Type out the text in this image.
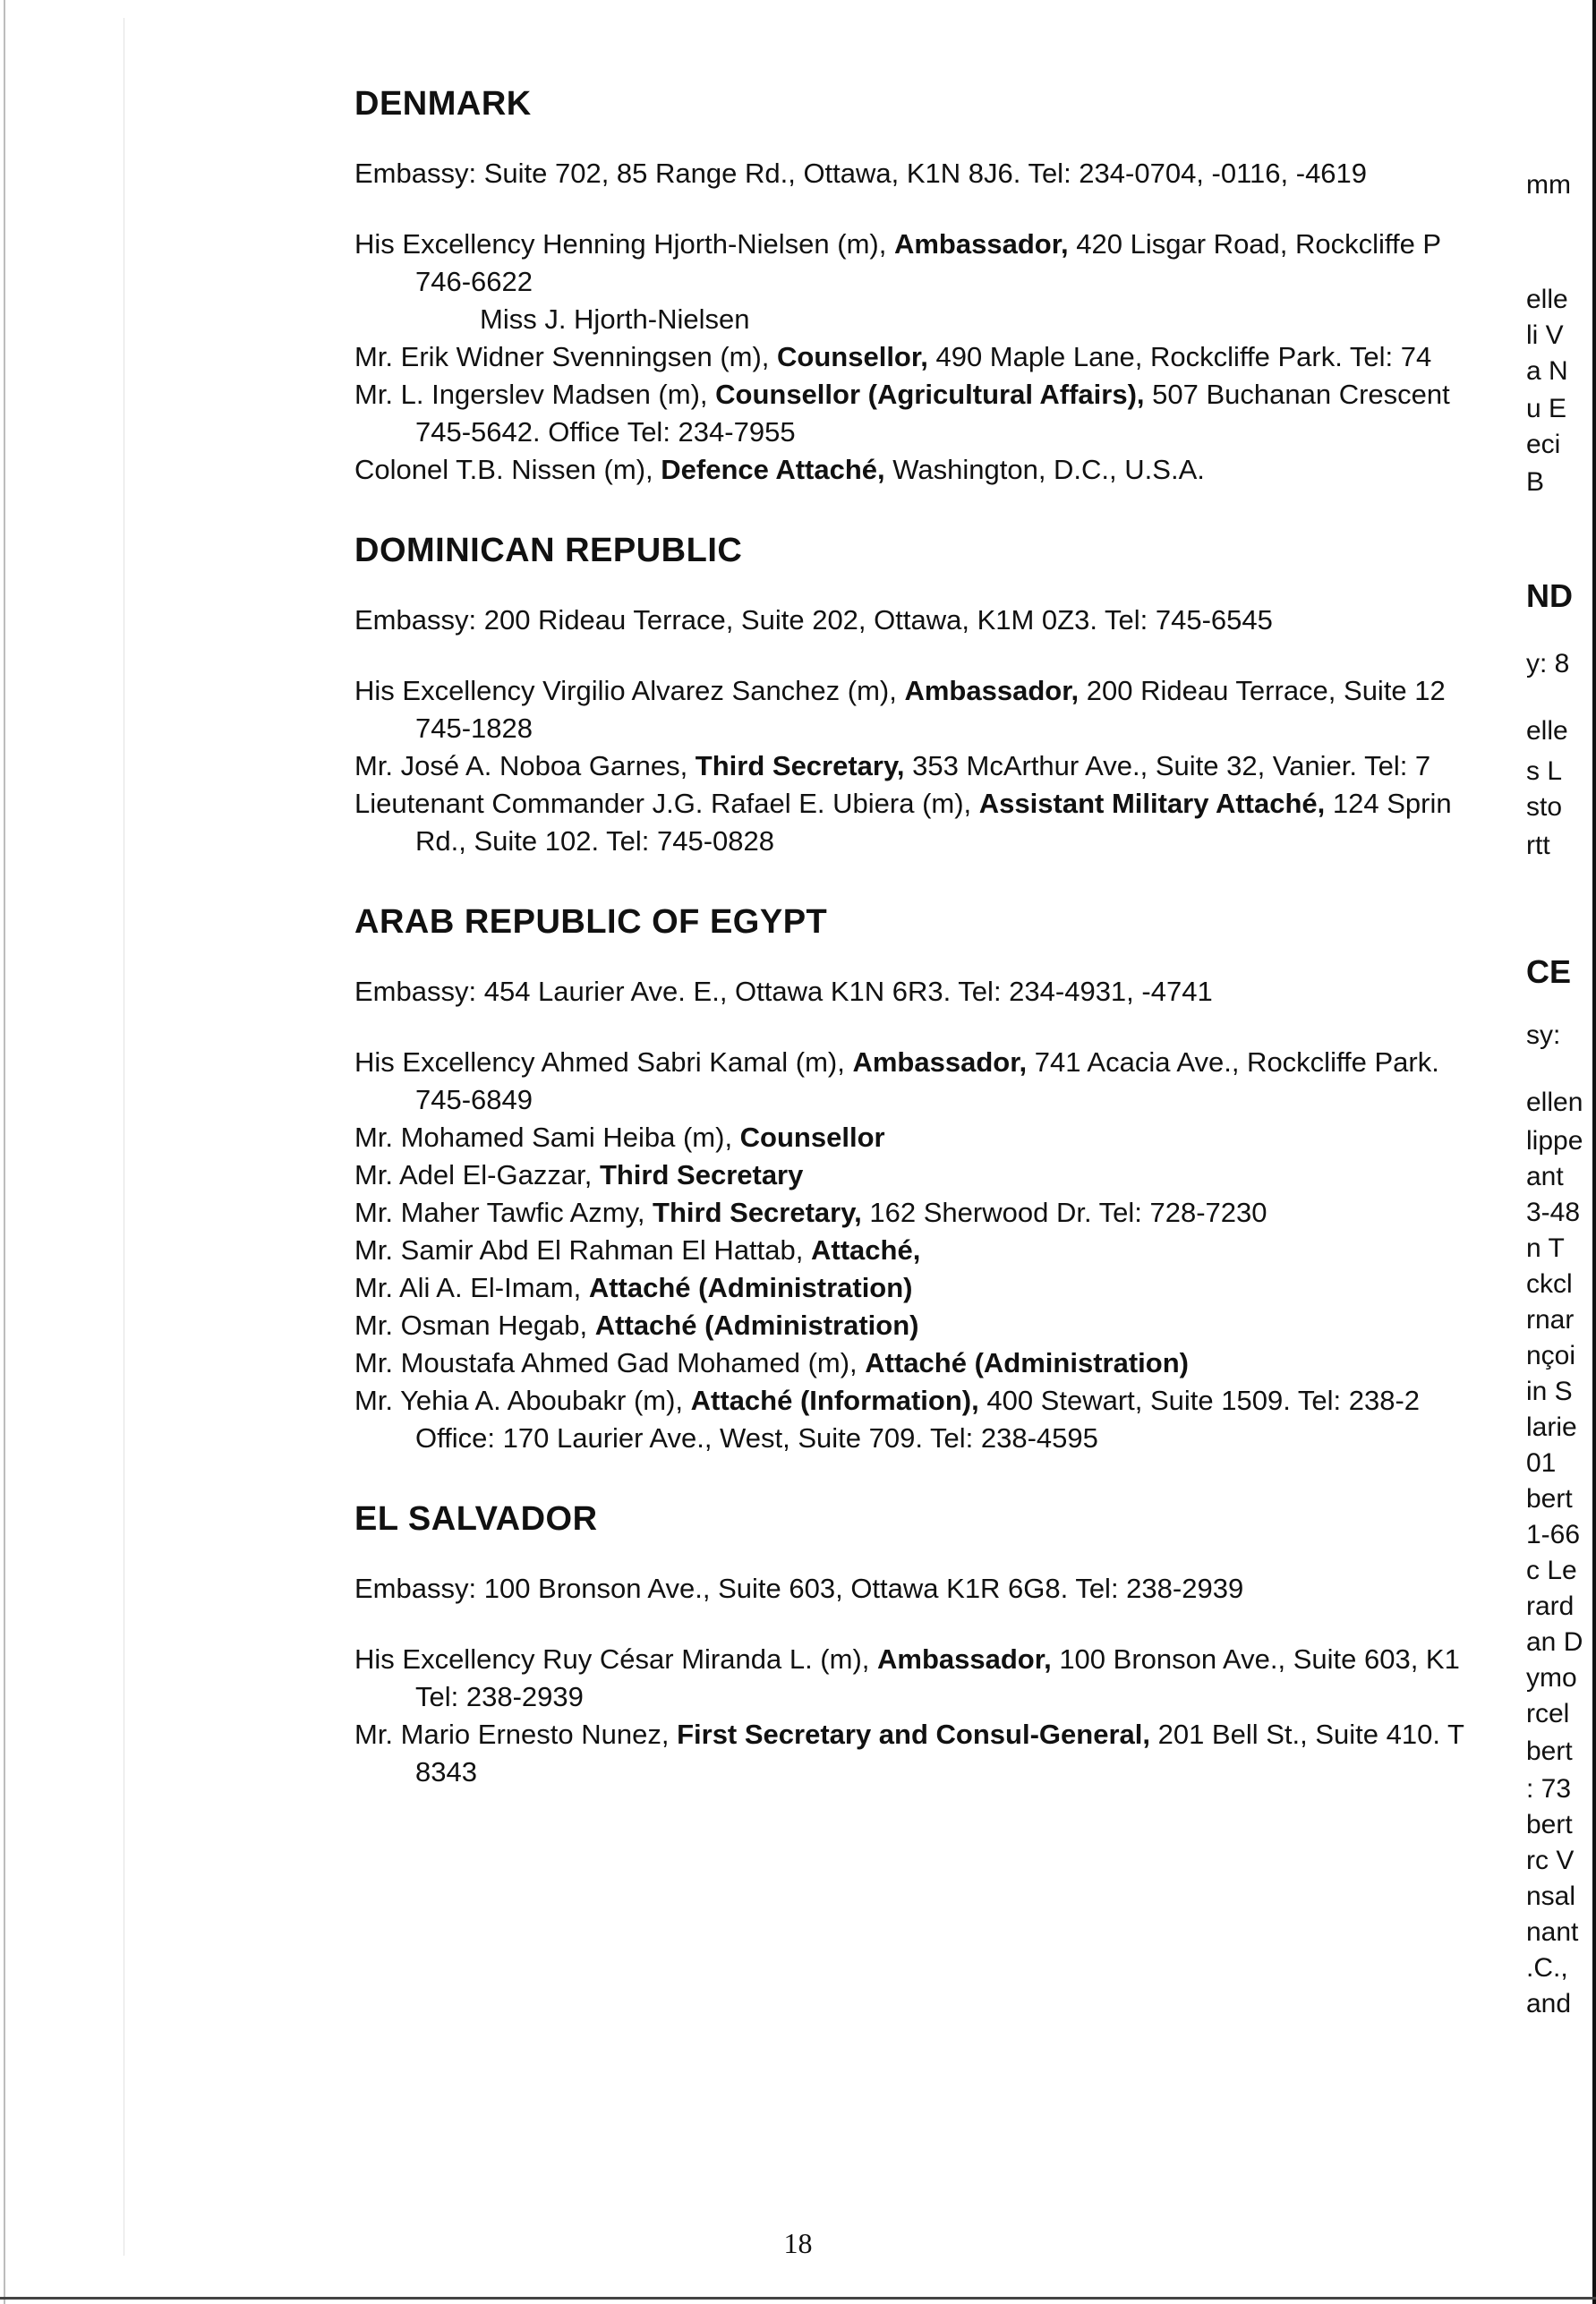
DENMARK

Embassy: Suite 702, 85 Range Rd., Ottawa, K1N 8J6. Tel: 234-0704, -0116, -4619

His Excellency Henning Hjorth-Nielsen (m), Ambassador, 420 Lisgar Road, Rockcliffe P
746-6622
Miss J. Hjorth-Nielsen
Mr. Erik Widner Svenningsen (m), Counsellor, 490 Maple Lane, Rockcliffe Park. Tel: 74
Mr. L. Ingerslev Madsen (m), Counsellor (Agricultural Affairs), 507 Buchanan Crescent
745-5642. Office Tel: 234-7955
Colonel T.B. Nissen (m), Defence Attaché, Washington, D.C., U.S.A.
DOMINICAN REPUBLIC

Embassy: 200 Rideau Terrace, Suite 202, Ottawa, K1M 0Z3. Tel: 745-6545

His Excellency Virgilio Alvarez Sanchez (m), Ambassador, 200 Rideau Terrace, Suite 12
745-1828
Mr. José A. Noboa Garnes, Third Secretary, 353 McArthur Ave., Suite 32, Vanier. Tel: 7
Lieutenant Commander J.G. Rafael E. Ubiera (m), Assistant Military Attaché, 124 Sprin
Rd., Suite 102. Tel: 745-0828
ARAB REPUBLIC OF EGYPT

Embassy: 454 Laurier Ave. E., Ottawa K1N 6R3. Tel: 234-4931, -4741

His Excellency Ahmed Sabri Kamal (m), Ambassador, 741 Acacia Ave., Rockcliffe Park.
745-6849
Mr. Mohamed Sami Heiba (m), Counsellor
Mr. Adel El-Gazzar, Third Secretary
Mr. Maher Tawfic Azmy, Third Secretary, 162 Sherwood Dr. Tel: 728-7230
Mr. Samir Abd El Rahman El Hattab, Attaché,
Mr. Ali A. El-Imam, Attaché (Administration)
Mr. Osman Hegab, Attaché (Administration)
Mr. Moustafa Ahmed Gad Mohamed (m), Attaché (Administration)
Mr. Yehia A. Aboubakr (m), Attaché (Information), 400 Stewart, Suite 1509. Tel: 238-2
Office: 170 Laurier Ave., West, Suite 709. Tel: 238-4595
EL SALVADOR

Embassy: 100 Bronson Ave., Suite 603, Ottawa K1R 6G8. Tel: 238-2939

His Excellency Ruy César Miranda L. (m), Ambassador, 100 Bronson Ave., Suite 603, K1
Tel: 238-2939
Mr. Mario Ernesto Nunez, First Secretary and Consul-General, 201 Bell St., Suite 410. T
8343
mm
elle
li V
a N
u E
eci
B
ND
y: 8
elle
s L
sto
rtt
CE
sy:
ellen
lippe
ant
3-48
n T
ckcl
rnar
nçoi
in S
larie
01
bert
1-66
c Le
rard
an D
ymo
rcel
bert
: 73
bert
rc V
nsal
nant
.C.,
and
18
